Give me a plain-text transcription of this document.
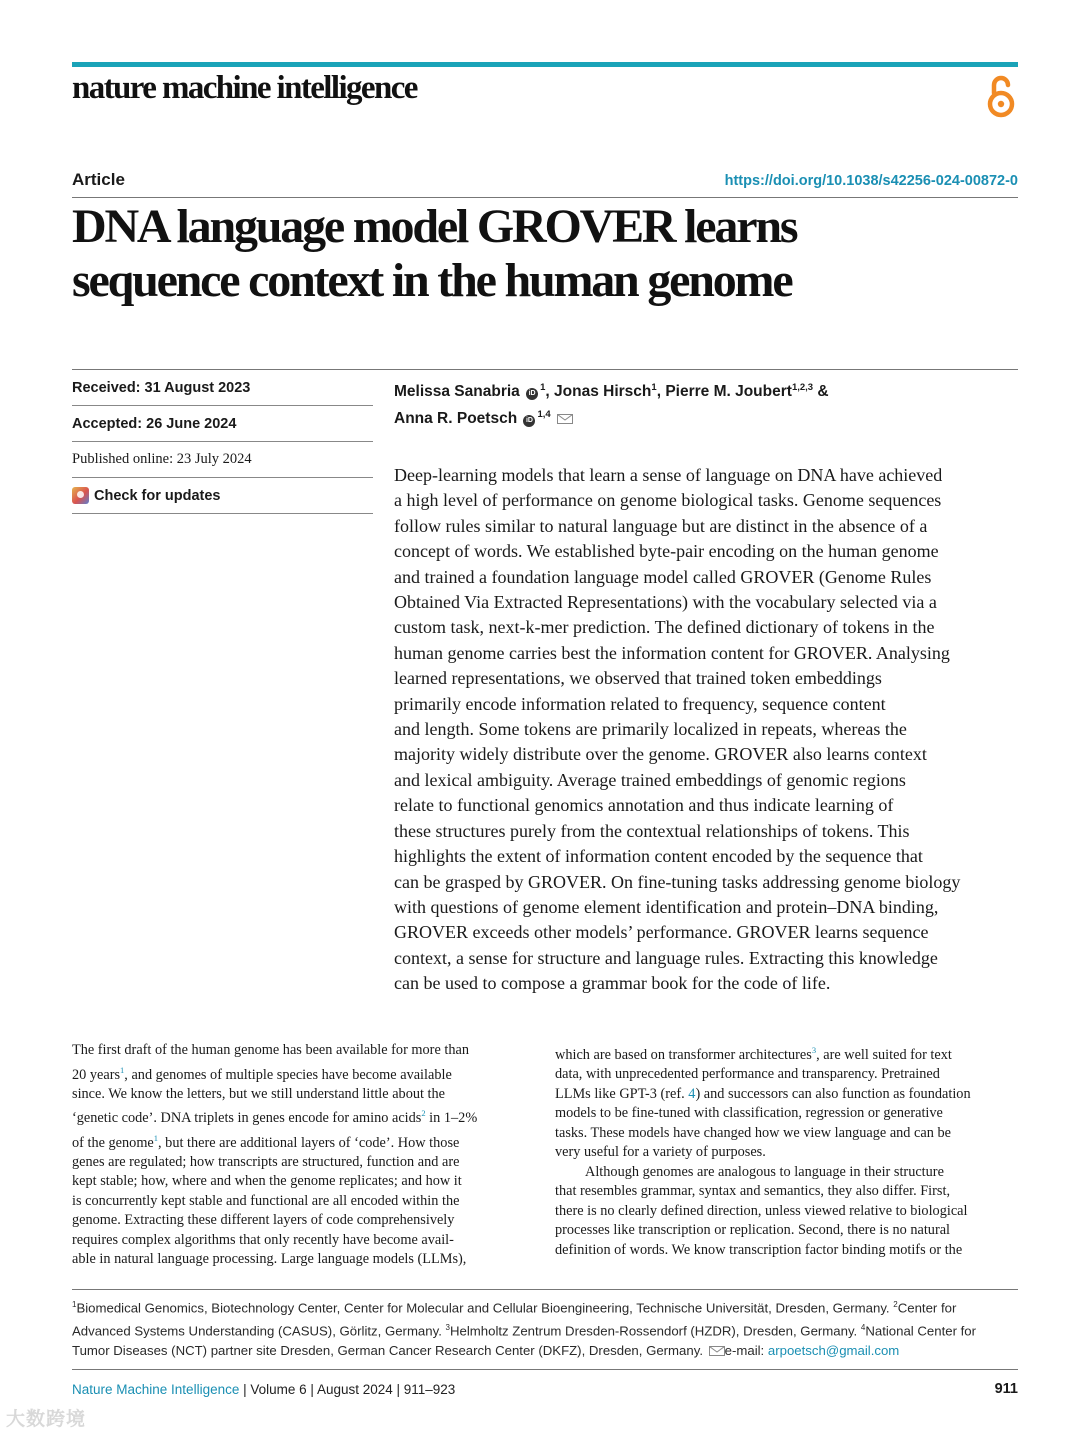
nature machine intelligence
Article	https://doi.org/10.1038/s42256-024-00872-0
DNA language model GROVER learns
sequence context in the human genome
Received: 31 August 2023
Accepted: 26 June 2024
Published online: 23 July 2024
Check for updates
Melissa Sanabria $iD^1$, Jonas Hirsch$^1$, Pierre M. Joubert$^{1,2,3}$ &
Anna R. Poetsch iD$^{1,4}$
Deep-learning models that learn a sense of language on DNA have achieved
a high level of performance on genome biological tasks. Genome sequences
follow rules similar to natural language but are distinct in the absence of a
concept of words. We established byte-pair encoding on the human genome
and trained a foundation language model called GROVER (Genome Rules
Obtained Via Extracted Representations) with the vocabulary selected via a
custom task, next-k-mer prediction. The defined dictionary of tokens in the
human genome carries best the information content for GROVER. Analysing
learned representations, we observed that trained token embeddings
primarily encode information related to frequency, sequence content
and length. Some tokens are primarily localized in repeats, whereas the
majority widely distribute over the genome. GROVER also learns context
and lexical ambiguity. Average trained embeddings of genomic regions
relate to functional genomics annotation and thus indicate learning of
these structures purely from the contextual relationships of tokens. This
highlights the extent of information content encoded by the sequence that
can be grasped by GROVER. On fine-tuning tasks addressing genome biology
with questions of genome element identification and protein–DNA binding,
GROVER exceeds other models’ performance. GROVER learns sequence
context, a sense for structure and language rules. Extracting this knowledge
can be used to compose a grammar book for the code of life.
The first draft of the human genome has been available for more than
20 years$^1$, and genomes of multiple species have become available
since. We know the letters, but we still understand little about the
‘genetic code’. DNA triplets in genes encode for amino acids$^2$ in 1–2%
of the genome$^1$, but there are additional layers of ‘code’. How those
genes are regulated; how transcripts are structured, function and are
kept stable; how, where and when the genome replicates; and how it
is concurrently kept stable and functional are all encoded within the
genome. Extracting these different layers of code comprehensively
requires complex algorithms that only recently have become avail-
able in natural language processing. Large language models (LLMs),
which are based on transformer architectures$^3$, are well suited for text
data, with unprecedented performance and transparency. Pretrained
LLMs like GPT-3 (ref. 4) and successors can also function as foundation
models to be fine-tuned with classification, regression or generative
tasks. These models have changed how we view language and can be
very useful for a variety of purposes.
Although genomes are analogous to language in their structure
that resembles grammar, syntax and semantics, they also differ. First,
there is no clearly defined direction, unless viewed relative to biological
processes like transcription or replication. Second, there is no natural
definition of words. We know transcription factor binding motifs or the
$^1$Biomedical Genomics, Biotechnology Center, Center for Molecular and Cellular Bioengineering, Technische Universität, Dresden, Germany. $^2$Center for
Advanced Systems Understanding (CASUS), Görlitz, Germany. $^3$Helmholtz Zentrum Dresden-Rossendorf (HZDR), Dresden, Germany. $^4$National Center for
Tumor Diseases (NCT) partner site Dresden, German Cancer Research Center (DKFZ), Dresden, Germany. e-mail: arpoetsch@gmail.com
Nature Machine Intelligence | Volume 6 | August 2024 | 911–923	911
大数跨境
